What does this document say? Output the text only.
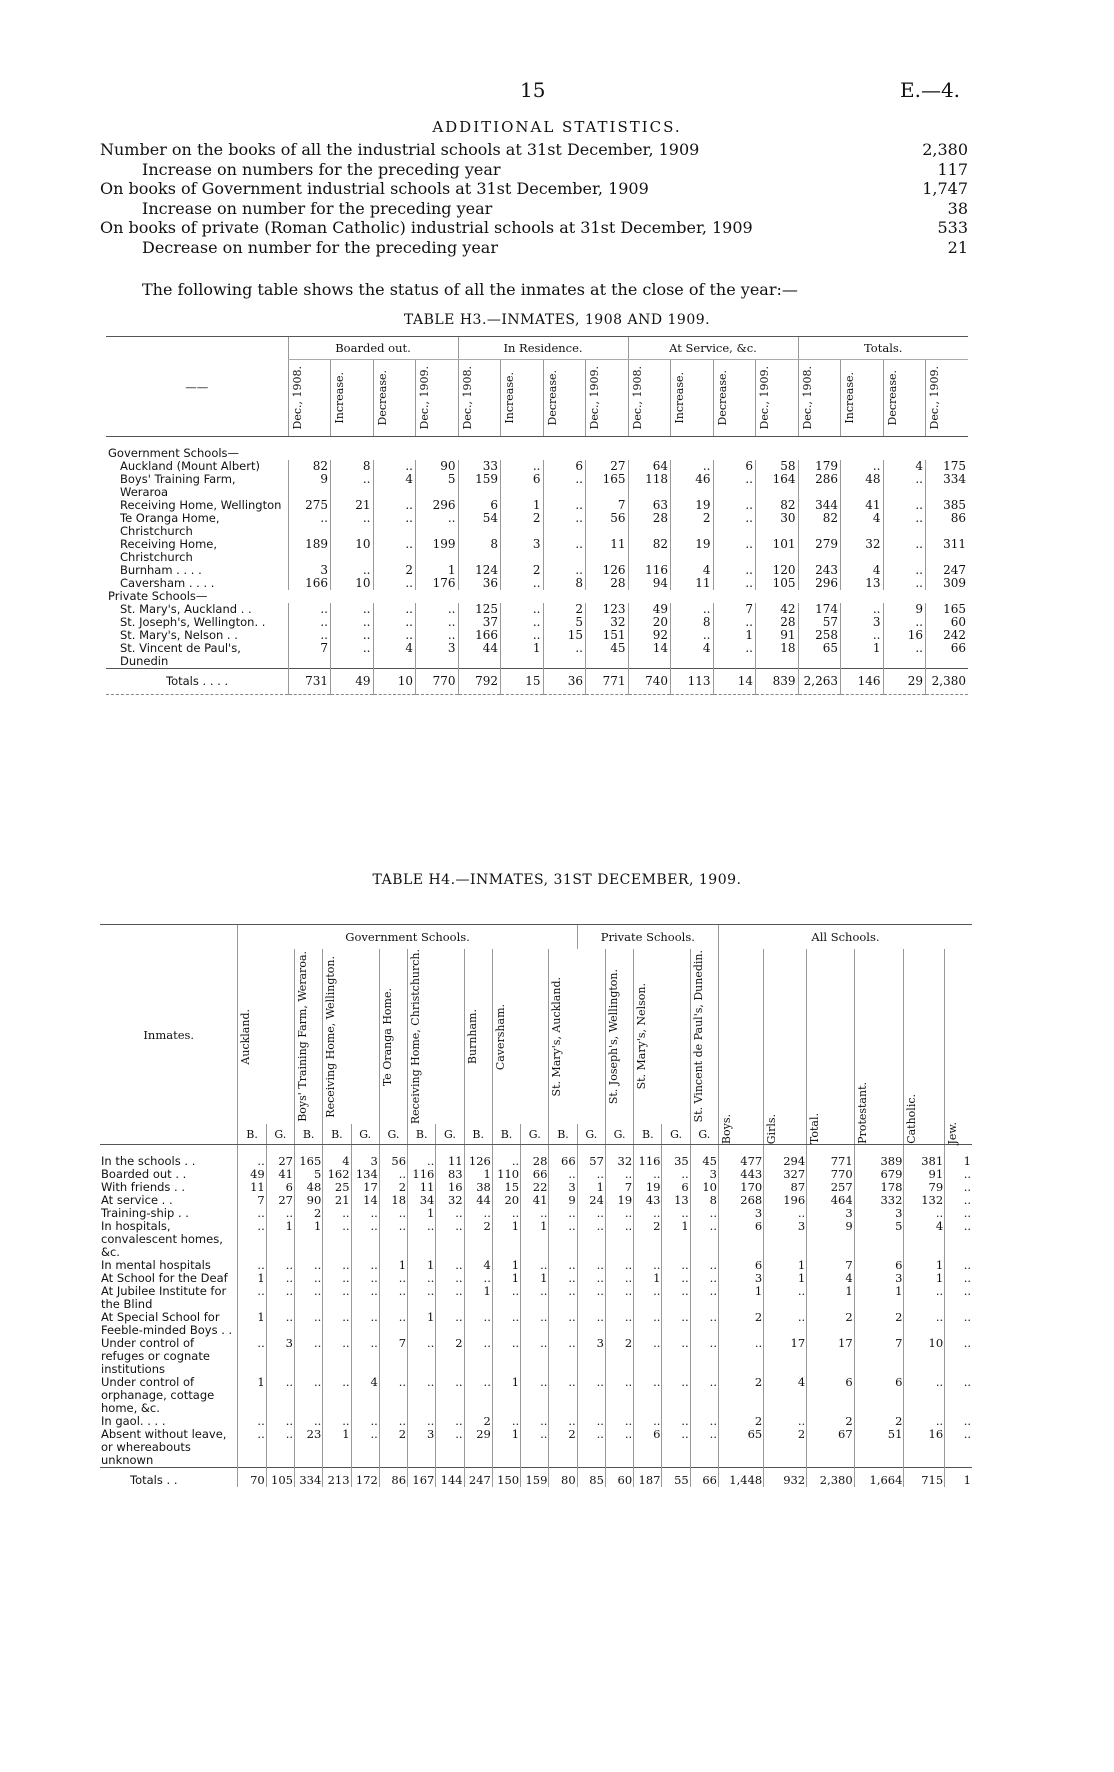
15	E.—4.
ADDITIONAL STATISTICS.
Number on the books of all the industrial schools at 31st December, 1909	2,380
Increase on numbers for the preceding year	117
On books of Government industrial schools at 31st December, 1909	1,747
Increase on number for the preceding year	38
On books of private (Roman Catholic) industrial schools at 31st December, 1909	533
Decrease on number for the preceding year	21
The following table shows the status of all the inmates at the close of the year:—
TABLE H3.—INMATES, 1908 AND 1909.
——	Boarded out.				In Residence.				At Service, &c.				Totals.			

	Dec., 1908.	Increase.	Decrease.	Dec., 1909.	Dec., 1908.	Increase.	Decrease.	Dec., 1909.	Dec., 1908.	Increase.	Decrease.	Dec., 1909.	Dec., 1908.	Increase.	Decrease.	Dec., 1909.

Government Schools—																
Auckland (Mount Albert)	82	8	..	90	33	..	6	27	64	..	6	58	179	..	4	175
Boys' Training Farm, Weraroa	9	..	4	5	159	6	..	165	118	46	..	164	286	48	..	334
Receiving Home, Wellington	275	21	..	296	6	1	..	7	63	19	..	82	344	41	..	385
Te Oranga Home, Christchurch	..	..	..	..	54	2	..	56	28	2	..	30	82	4	..	86
Receiving Home, Christchurch	189	10	..	199	8	3	..	11	82	19	..	101	279	32	..	311
Burnham . . . .	3	..	2	1	124	2	..	126	116	4	..	120	243	4	..	247
Caversham . . . .	166	10	..	176	36	..	8	28	94	11	..	105	296	13	..	309
Private Schools—																
St. Mary's, Auckland . .	..	..	..	..	125	..	2	123	49	..	7	42	174	..	9	165
St. Joseph's, Wellington. .	..	..	..	..	37	..	5	32	20	8	..	28	57	3	..	60
St. Mary's, Nelson . .	..	..	..	..	166	..	15	151	92	..	1	91	258	..	16	242
St. Vincent de Paul's, Dunedin	7	..	4	3	44	1	..	45	14	4	..	18	65	1	..	66
Totals . . . .	731	49	10	770	792	15	36	771	740	113	14	839	2,263	146	29	2,380
TABLE H4.—INMATES, 31ST DECEMBER, 1909.
Inmates.	Government Schools.												Private Schools.					All Schools.					

	Auckland.		Boys' Training Farm, Weraroa.	Receiving Home, Wellington.		Te Oranga Home.	Receiving Home, Christchurch.		Burnham.	Caversham.		St. Mary's, Auckland.		St. Joseph's, Wellington.	St. Mary's, Nelson.		St. Vincent de Paul's, Dunedin.	Boys.	Girls.	Total.	Protestant.	Catholic.	Jew.

	B.	G.	B.	B.	G.	G.	B.	G.	B.	B.	G.	B.	G.	G.	B.	G.	G.						
In the schools . .	..	27	165	4	3	56	..	11	126	..	28	66	57	32	116	35	45	477	294	771	389	381	1
Boarded out . .	49	41	5	162	134	..	116	83	1	110	66	..	..	..	..	..	3	443	327	770	679	91	..
With friends . .	11	6	48	25	17	2	11	16	38	15	22	3	1	7	19	6	10	170	87	257	178	79	..
At service . .	7	27	90	21	14	18	34	32	44	20	41	9	24	19	43	13	8	268	196	464	332	132	..
Training-ship . .	..	..	2	..	..	..	1	..	..	..	..	..	..	..	..	..	..	3	..	3	3	..	..
In hospitals, convalescent homes, &c.	..	1	1	..	..	..	..	..	2	1	1	..	..	..	2	1	..	6	3	9	5	4	..
In mental hospitals	..	..	..	..	..	1	1	..	4	1	..	..	..	..	..	..	..	6	1	7	6	1	..
At School for the Deaf	1	..	..	..	..	..	..	..	..	1	1	..	..	..	1	..	..	3	1	4	3	1	..
At Jubilee Institute for the Blind	..	..	..	..	..	..	..	..	1	..	..	..	..	..	..	..	..	1	..	1	1	..	..
At Special School for Feeble-minded Boys . .	1	..	..	..	..	..	1	..	..	..	..	..	..	..	..	..	..	2	..	2	2	..	..
Under control of refuges or cognate institutions	..	3	..	..	..	7	..	2	..	..	..	..	3	2	..	..	..	..	17	17	7	10	..
Under control of orphanage, cottage home, &c.	1	..	..	..	4	..	..	..	..	1	..	..	..	..	..	..	..	2	4	6	6	..	..
In gaol. . . .	..	..	..	..	..	..	..	..	2	..	..	..	..	..	..	..	..	2	..	2	2	..	..
Absent without leave, or whereabouts unknown	..	..	23	1	..	2	3	..	29	1	..	2	..	..	6	..	..	65	2	67	51	16	..
Totals . .	70	105	334	213	172	86	167	144	247	150	159	80	85	60	187	55	66	1,448	932	2,380	1,664	715	1
